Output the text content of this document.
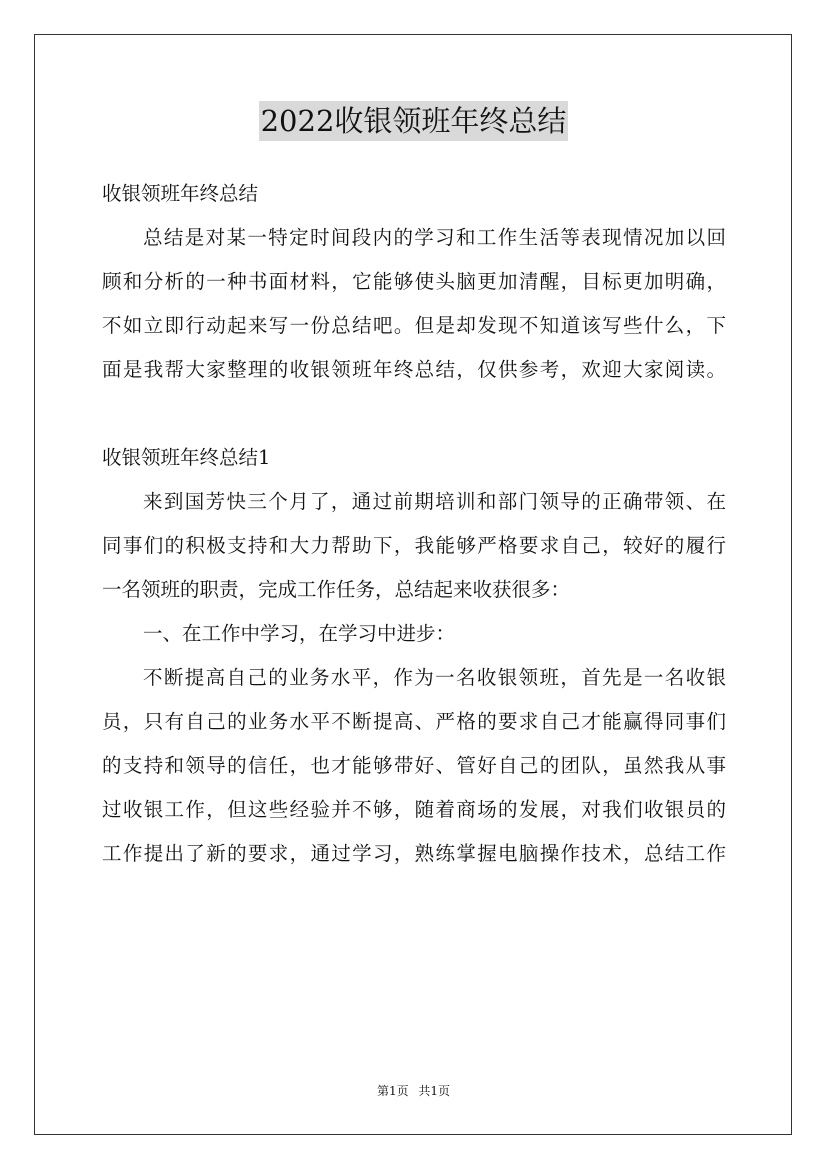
2022收银领班年终总结
收银领班年终总结
总结是对某一特定时间段内的学习和工作生活等表现情况加以回
顾和分析的一种书面材料，它能够使头脑更加清醒，目标更加明确，
不如立即行动起来写一份总结吧。但是却发现不知道该写些什么，下
面是我帮大家整理的收银领班年终总结，仅供参考，欢迎大家阅读。
收银领班年终总结1
来到国芳快三个月了，通过前期培训和部门领导的正确带领、在
同事们的积极支持和大力帮助下，我能够严格要求自己，较好的履行
一名领班的职责，完成工作任务，总结起来收获很多：
一、在工作中学习，在学习中进步：
不断提高自己的业务水平，作为一名收银领班，首先是一名收银
员，只有自己的业务水平不断提高、严格的要求自己才能赢得同事们
的支持和领导的信任，也才能够带好、管好自己的团队，虽然我从事
过收银工作，但这些经验并不够，随着商场的发展，对我们收银员的
工作提出了新的要求，通过学习，熟练掌握电脑操作技术，总结工作
第1页 共1页
